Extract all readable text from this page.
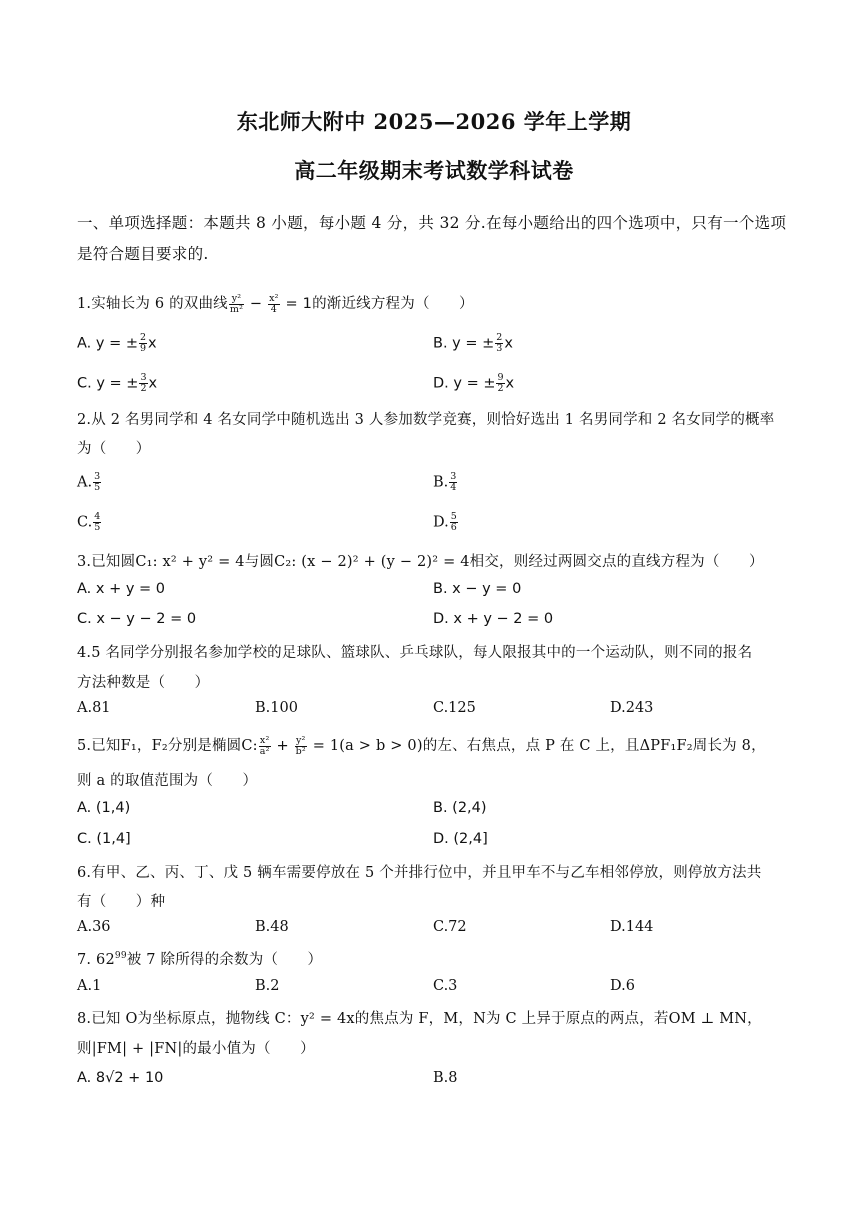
东北师大附中 2025—2026 学年上学期
高二年级期末考试数学科试卷
一、单项选择题：本题共 8 小题，每小题 4 分，共 32 分.在每小题给出的四个选项中，只有一个选项是符合题目要求的.
1.实轴长为 6 的双曲线 $\frac{\text{y²}}{\text{m²}} - \frac{\text{x²}}{4} = 1$的渐近线方程为（　　）
A. y = ± $\frac{2}{9}$ x	B. y = ± $\frac{2}{3}$ x
C. y = ± $\frac{3}{2}$ x	D. y = ± $\frac{9}{2}$ x
2.从 2 名男同学和 4 名女同学中随机选出 3 人参加数学竞赛，则恰好选出 1 名男同学和 2 名女同学的概率
为（　　）
A. $\frac{3}{5}$	B. $\frac{3}{4}$
C. $\frac{4}{5}$	D. $\frac{5}{6}$
3.已知圆C₁: x² + y² = 4与圆C₂: (x − 2)² + (y − 2)² = 4相交，则经过两圆交点的直线方程为（　　）
A. x + y = 0	B. x − y = 0
C. x − y − 2 = 0	D. x + y − 2 = 0
4.5 名同学分别报名参加学校的足球队、篮球队、乒乓球队，每人限报其中的一个运动队，则不同的报名
方法种数是（　　）
A.81	B.100	C.125	D.243
5.已知F₁，F₂分别是椭圆C: $\frac{\text{x²}}{\text{a²}} + \frac{\text{y²}}{\text{b²}} = 1(a > b > 0)$的左、右焦点，点 P 在 C 上，且ΔPF₁F₂周长为 8，
则 a 的取值范围为（　　）
A. (1,4)	B. (2,4)
C. (1,4]	D. (2,4]
6.有甲、乙、丙、丁、戊 5 辆车需要停放在 5 个并排行位中，并且甲车不与乙车相邻停放，则停放方法共
有（　　）种
A.36	B.48	C.72	D.144
7. $62^{99}$被 7 除所得的余数为（　　）
A.1	B.2	C.3	D.6
8.已知 O为坐标原点，抛物线 C：y² = 4x的焦点为 F，M，N为 C 上异于原点的两点，若OM ⊥ MN，
则|FM| + |FN|的最小值为（　　）
A. 8√2 + 10	B.8
